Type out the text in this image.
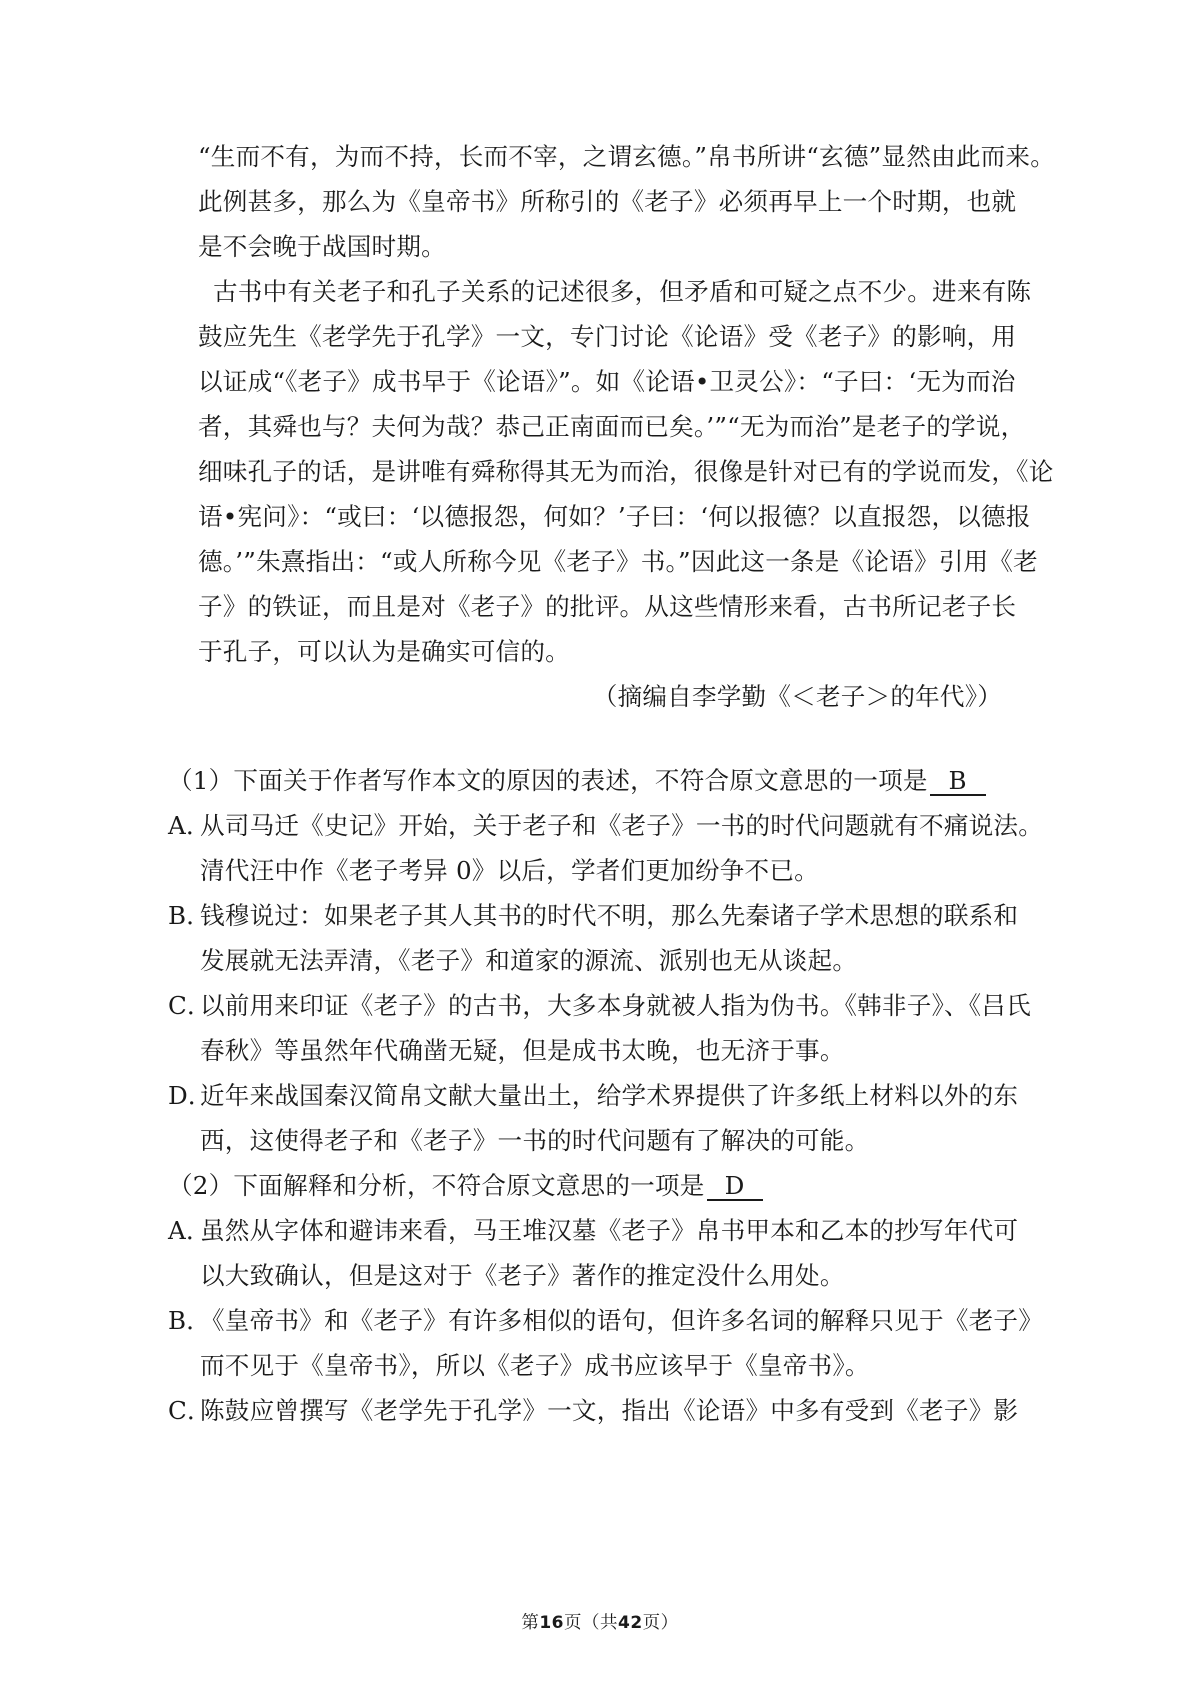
“生而不有，为而不持，长而不宰，之谓玄德。”帛书所讲“玄德”显然由此而来。
此例甚多，那么为《皇帝书》所称引的《老子》必须再早上一个时期，也就
是不会晚于战国时期。
古书中有关老子和孔子关系的记述很多，但矛盾和可疑之点不少。进来有陈
鼓应先生《老学先于孔学》一文，专门讨论《论语》受《老子》的影响，用
以证成“《老子》成书早于《论语》”。如《论语•卫灵公》：“子曰：‘无为而治
者，其舜也与？夫何为哉？恭己正南面而已矣。’”“无为而治”是老子的学说，
细味孔子的话，是讲唯有舜称得其无为而治，很像是针对已有的学说而发，《论
语•宪问》：“或曰：‘以德报怨，何如？’子曰：‘何以报德？以直报怨，以德报
德。’”朱熹指出：“或人所称今见《老子》书。”因此这一条是《论语》引用《老
子》的铁证，而且是对《老子》的批评。从这些情形来看，古书所记老子长
于孔子，可以认为是确实可信的。
（摘编自李学勤《＜老子＞的年代》）
（1）下面关于作者写作本文的原因的表述，不符合原文意思的一项是 B
A．从司马迁《史记》开始，关于老子和《老子》一书的时代问题就有不痛说法。
清代汪中作《老子考异 0》以后，学者们更加纷争不已。
B．钱穆说过：如果老子其人其书的时代不明，那么先秦诸子学术思想的联系和
发展就无法弄清，《老子》和道家的源流、派别也无从谈起。
C．以前用来印证《老子》的古书，大多本身就被人指为伪书。《韩非子》、《吕氏
春秋》等虽然年代确凿无疑，但是成书太晚，也无济于事。
D．近年来战国秦汉简帛文献大量出土，给学术界提供了许多纸上材料以外的东
西，这使得老子和《老子》一书的时代问题有了解决的可能。
（2）下面解释和分析，不符合原文意思的一项是 D
A．虽然从字体和避讳来看，马王堆汉墓《老子》帛书甲本和乙本的抄写年代可
以大致确认，但是这对于《老子》著作的推定没什么用处。
B．《皇帝书》和《老子》有许多相似的语句，但许多名词的解释只见于《老子》
而不见于《皇帝书》，所以《老子》成书应该早于《皇帝书》。
C．陈鼓应曾撰写《老学先于孔学》一文，指出《论语》中多有受到《老子》影
第16页（共42页）
